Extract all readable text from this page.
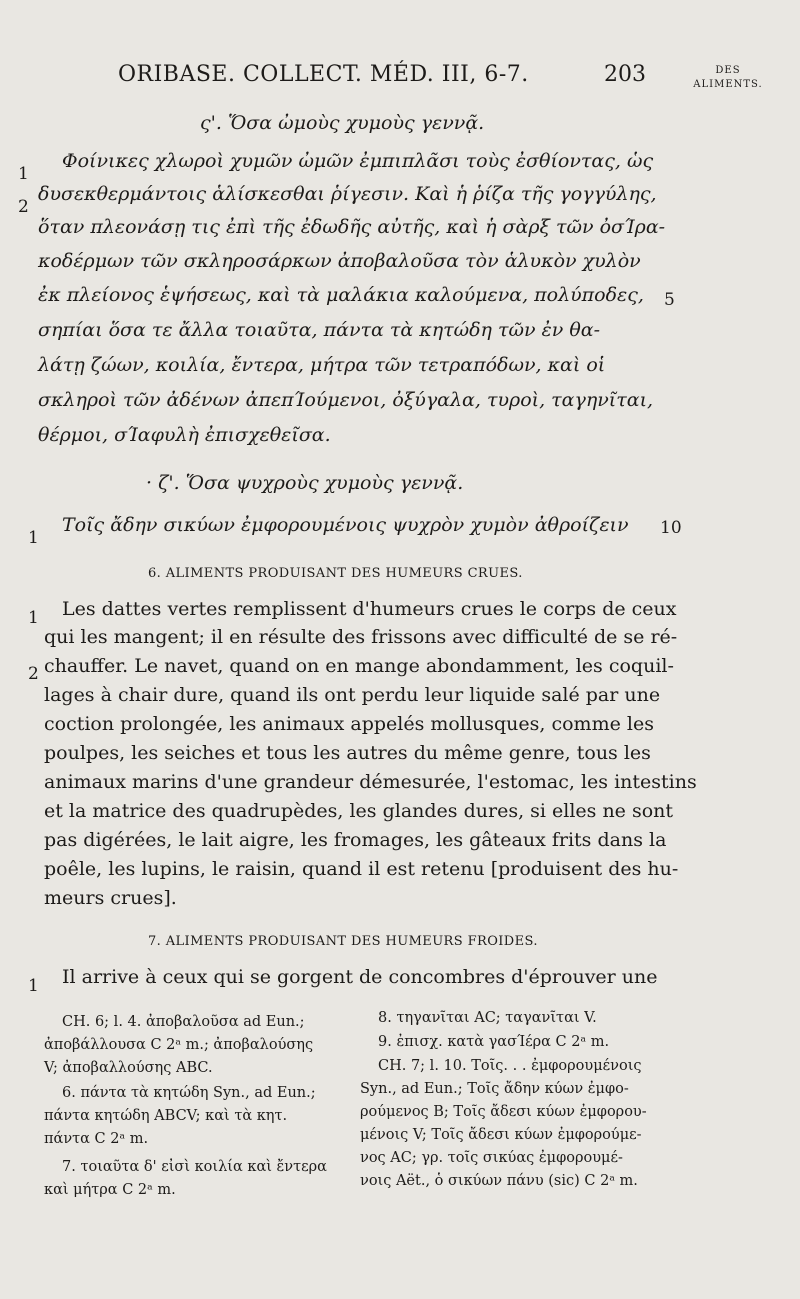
ORIBASE. COLLECT. MÉD. III, 6-7.	203	DES
ALIMENTS.
ς'. Ὅσα ὠμοὺς χυμοὺς γεννᾷ.
1
2
5
Φοίνικες χλωροὶ χυμῶν ὠμῶν ἐμπιπλᾶσι τοὺς ἐσθίοντας, ὡς
δυσεκθερμάντοις ἁλίσκεσθαι ῥίγεσιν. Καὶ ἡ ῥίζα τῆς γογγύλης,
ὅταν πλεονάσῃ τις ἐπὶ τῆς ἐδωδῆς αὐτῆς, καὶ ἡ σὰρξ τῶν ὀσΊρα-
κοδέρμων τῶν σκληροσάρκων ἀποβαλοῦσα τὸν ἁλυκὸν χυλὸν
ἐκ πλείονος ἑψήσεως, καὶ τὰ μαλάκια καλούμενα, πολύποδες,
σηπίαι ὅσα τε ἄλλα τοιαῦτα, πάντα τὰ κητώδη τῶν ἐν θα-
λάτῃ ζώων, κοιλία, ἔντερα, μήτρα τῶν τετραπόδων, καὶ οἱ
σκληροὶ τῶν ἀδένων ἀπεπΊούμενοι, ὀξύγαλα, τυροὶ, ταγηνῖται,
θέρμοι, σΊαφυλὴ ἐπισχεθεῖσα.
· ζ'. Ὅσα ψυχροὺς χυμοὺς γεννᾷ.
1
Τοῖς ἄδην σικύων ἐμφορουμένοις ψυχρὸν χυμὸν ἀθροίζειν 10
6. ALIMENTS PRODUISANT DES HUMEURS CRUES.
1
2
Les dattes vertes remplissent d'humeurs crues le corps de ceux
qui les mangent; il en résulte des frissons avec difficulté de se ré-
chauffer. Le navet, quand on en mange abondamment, les coquil-
lages à chair dure, quand ils ont perdu leur liquide salé par une
coction prolongée, les animaux appelés mollusques, comme les
poulpes, les seiches et tous les autres du même genre, tous les
animaux marins d'une grandeur démesurée, l'estomac, les intestins
et la matrice des quadrupèdes, les glandes dures, si elles ne sont
pas digérées, le lait aigre, les fromages, les gâteaux frits dans la
poêle, les lupins, le raisin, quand il est retenu [produisent des hu-
meurs crues].
7. ALIMENTS PRODUISANT DES HUMEURS FROIDES.
1 Il arrive à ceux qui se gorgent de concombres d'éprouver une
CH. 6; l. 4. ἀποβαλοῦσα ad Eun.;
ἀποβάλλουσα C 2ᵃ m.; ἀποβαλούσης
V; ἀποβαλλούσης ABC.
6. πάντα τὰ κητώδη Syn., ad Eun.;
πάντα κητώδη ABCV; καὶ τὰ κητ.
πάντα C 2ᵃ m.
7. τοιαῦτα δ' εἰσὶ κοιλία καὶ ἔντερα
καὶ μήτρα C 2ᵃ m.
8. τηγανῖται AC; ταγανῖται V.
9. ἐπισχ. κατὰ γασΊέρα C 2ᵃ m.
CH. 7; l. 10. Τοῖς. . . ἐμφορουμένοις
Syn., ad Eun.; Τοῖς ἄδην κύων ἐμφο-
ρούμενος B; Τοῖς ἄδεσι κύων ἐμφορου-
μένοις V; Τοῖς ἄδεσι κύων ἐμφορούμε-
νος AC; γρ. τοῖς σικύας ἐμφορουμέ-
νοις Aët., ὁ σικύων πάνυ (sic) C 2ᵃ m.
